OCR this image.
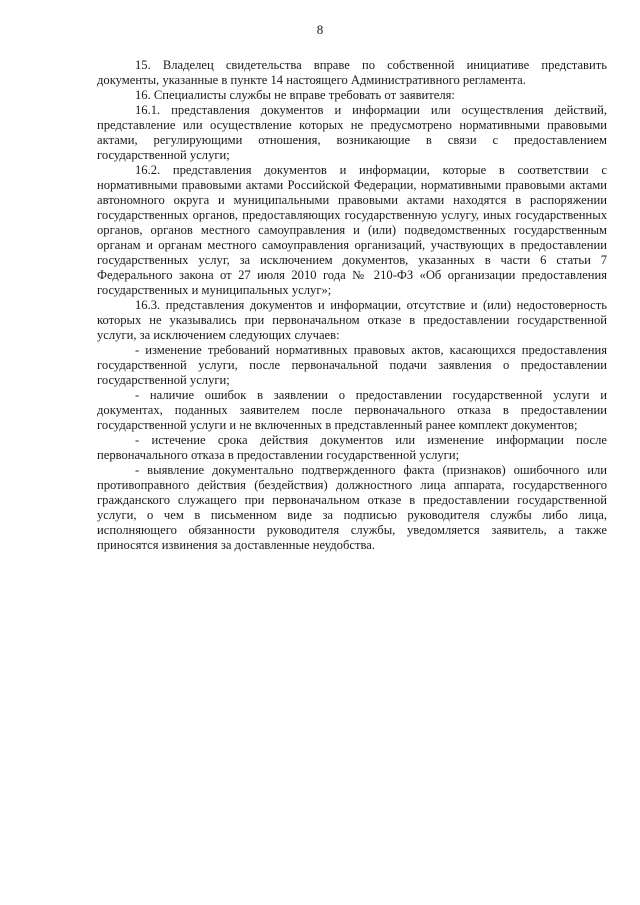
8

15. Владелец свидетельства вправе по собственной инициативе представить документы, указанные в пункте 14 настоящего Административного регламента.

16. Специалисты службы не вправе требовать от заявителя:

16.1. представления документов и информации или осуществления действий, представление или осуществление которых не предусмотрено нормативными правовыми актами, регулирующими отношения, возникающие в связи с предоставлением государственной услуги;

16.2. представления документов и информации, которые в соответствии с нормативными правовыми актами Российской Федерации, нормативными правовыми актами автономного округа и муниципальными правовыми актами находятся в распоряжении государственных органов, предоставляющих государственную услугу, иных государственных органов, органов местного самоуправления и (или) подведомственных государственным органам и органам местного самоуправления организаций, участвующих в предоставлении государственных услуг, за исключением документов, указанных в части 6 статьи 7 Федерального закона от 27 июля 2010 года № 210-ФЗ «Об организации предоставления государственных и муниципальных услуг»;

16.3. представления документов и информации, отсутствие и (или) недостоверность которых не указывались при первоначальном отказе в предоставлении государственной услуги, за исключением следующих случаев:

- изменение требований нормативных правовых актов, касающихся предоставления государственной услуги, после первоначальной подачи заявления о предоставлении государственной услуги;

- наличие ошибок в заявлении о предоставлении государственной услуги и документах, поданных заявителем после первоначального отказа в предоставлении государственной услуги и не включенных в представленный ранее комплект документов;

- истечение срока действия документов или изменение информации после первоначального отказа в предоставлении государственной услуги;

- выявление документально подтвержденного факта (признаков) ошибочного или противоправного действия (бездействия) должностного лица аппарата, государственного гражданского служащего при первоначальном отказе в предоставлении государственной услуги, о чем в письменном виде за подписью руководителя службы либо лица, исполняющего обязанности руководителя службы, уведомляется заявитель, а также приносятся извинения за доставленные неудобства.
